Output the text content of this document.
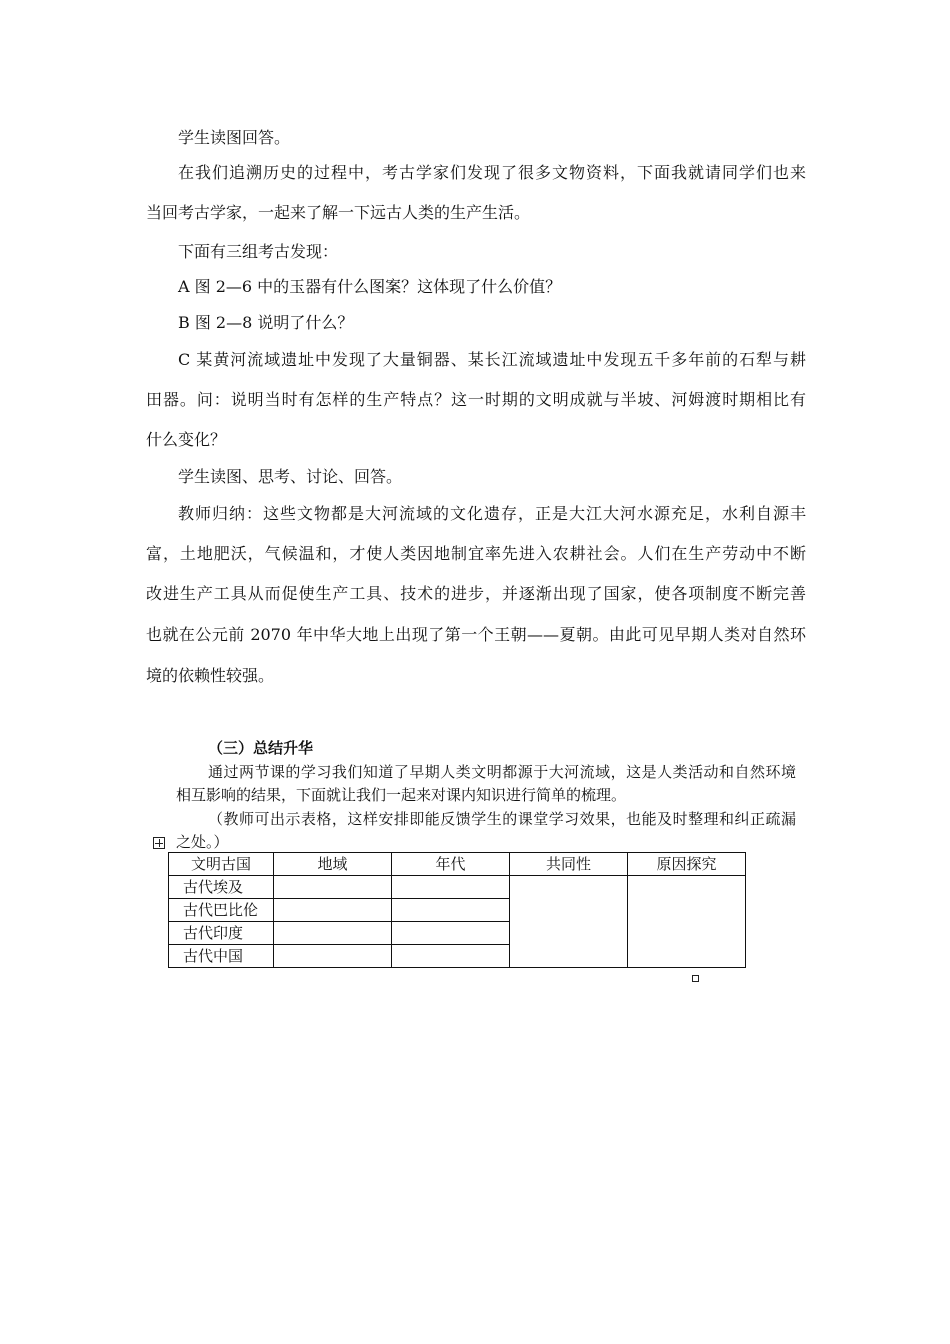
学生读图回答。
在我们追溯历史的过程中，考古学家们发现了很多文物资料，下面我就请同学们也来
当回考古学家，一起来了解一下远古人类的生产生活。
下面有三组考古发现：
A 图 2—6 中的玉器有什么图案？这体现了什么价值？
B 图 2—8 说明了什么？
C 某黄河流域遗址中发现了大量铜器、某长江流域遗址中发现五千多年前的石犁与耕
田器。问：说明当时有怎样的生产特点？这一时期的文明成就与半坡、河姆渡时期相比有
什么变化？
学生读图、思考、讨论、回答。
教师归纳：这些文物都是大河流域的文化遗存，正是大江大河水源充足，水利自源丰
富，土地肥沃，气候温和，才使人类因地制宜率先进入农耕社会。人们在生产劳动中不断
改进生产工具从而促使生产工具、技术的进步，并逐渐出现了国家，使各项制度不断完善
也就在公元前 2070 年中华大地上出现了第一个王朝——夏朝。由此可见早期人类对自然环
境的依赖性较强。
（三）总结升华
通过两节课的学习我们知道了早期人类文明都源于大河流域，这是人类活动和自然环境
相互影响的结果，下面就让我们一起来对课内知识进行简单的梳理。
（教师可出示表格，这样安排即能反馈学生的课堂学习效果，也能及时整理和纠正疏漏
之处。）
文明古国	地域	年代	共同性	原因探究
古代埃及				
古代巴比伦				
古代印度				
古代中国				
